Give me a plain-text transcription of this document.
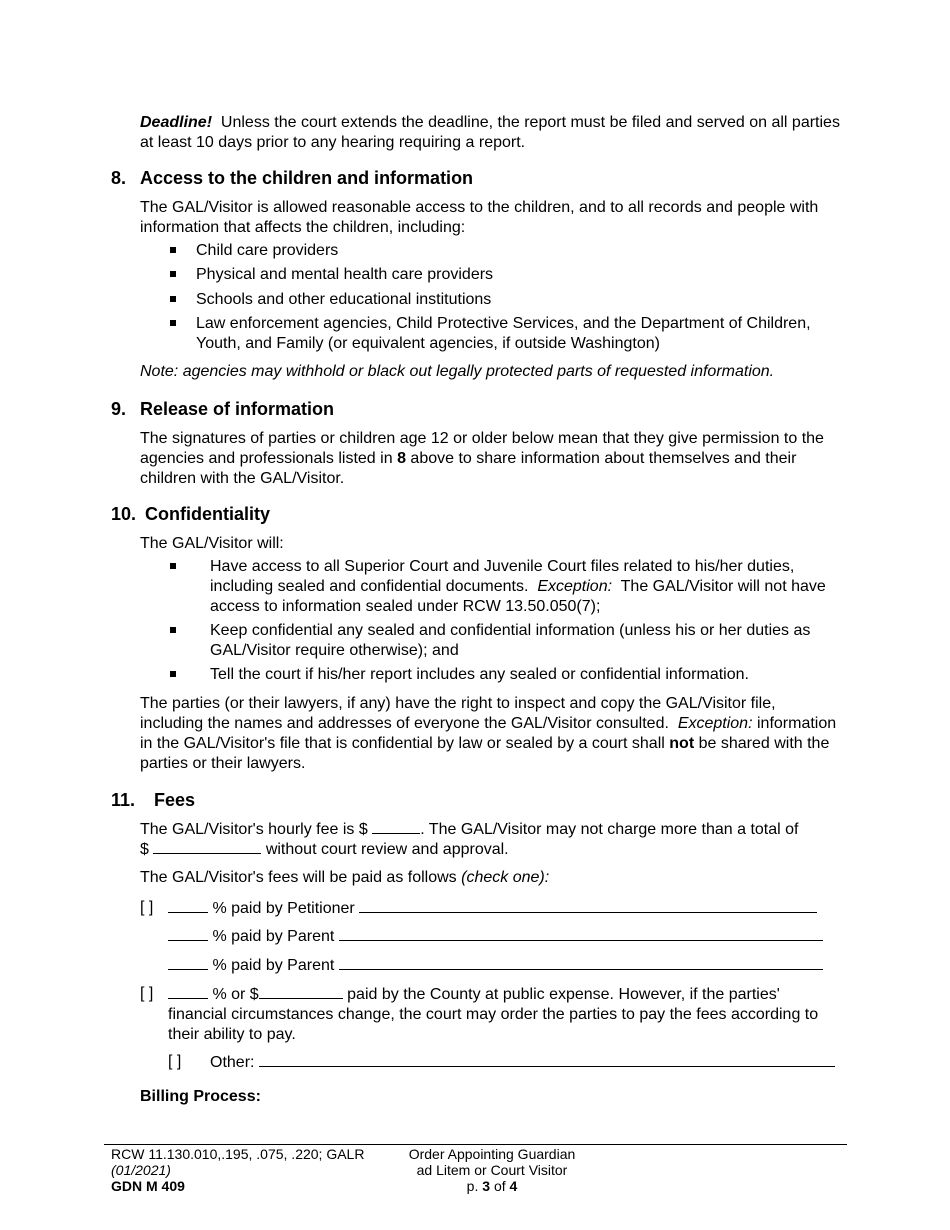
Deadline! Unless the court extends the deadline, the report must be filed and served on all parties at least 10 days prior to any hearing requiring a report.
8. Access to the children and information
The GAL/Visitor is allowed reasonable access to the children, and to all records and people with information that affects the children, including:
Child care providers
Physical and mental health care providers
Schools and other educational institutions
Law enforcement agencies, Child Protective Services, and the Department of Children, Youth, and Family (or equivalent agencies, if outside Washington)
Note: agencies may withhold or black out legally protected parts of requested information.
9. Release of information
The signatures of parties or children age 12 or older below mean that they give permission to the agencies and professionals listed in 8 above to share information about themselves and their children with the GAL/Visitor.
10. Confidentiality
The GAL/Visitor will:
Have access to all Superior Court and Juvenile Court files related to his/her duties, including sealed and confidential documents. Exception: The GAL/Visitor will not have access to information sealed under RCW 13.50.050(7);
Keep confidential any sealed and confidential information (unless his or her duties as GAL/Visitor require otherwise); and
Tell the court if his/her report includes any sealed or confidential information.
The parties (or their lawyers, if any) have the right to inspect and copy the GAL/Visitor file, including the names and addresses of everyone the GAL/Visitor consulted. Exception: information in the GAL/Visitor's file that is confidential by law or sealed by a court shall not be shared with the parties or their lawyers.
11. Fees
The GAL/Visitor's hourly fee is $	. The GAL/Visitor may not charge more than a total of
$	without court review and approval.
The GAL/Visitor's fees will be paid as follows (check one):
[ ]	% paid by Petitioner
% paid by Parent
% paid by Parent
[ ]	% or $	paid by the County at public expense. However, if the parties' financial circumstances change, the court may order the parties to pay the fees according to their ability to pay.
[ ] Other:
Billing Process:
RCW 11.130.010,.195, .075, .220; GALR
(01/2021)
GDN M 409
Order Appointing Guardian
ad Litem or Court Visitor
p. 3 of 4
